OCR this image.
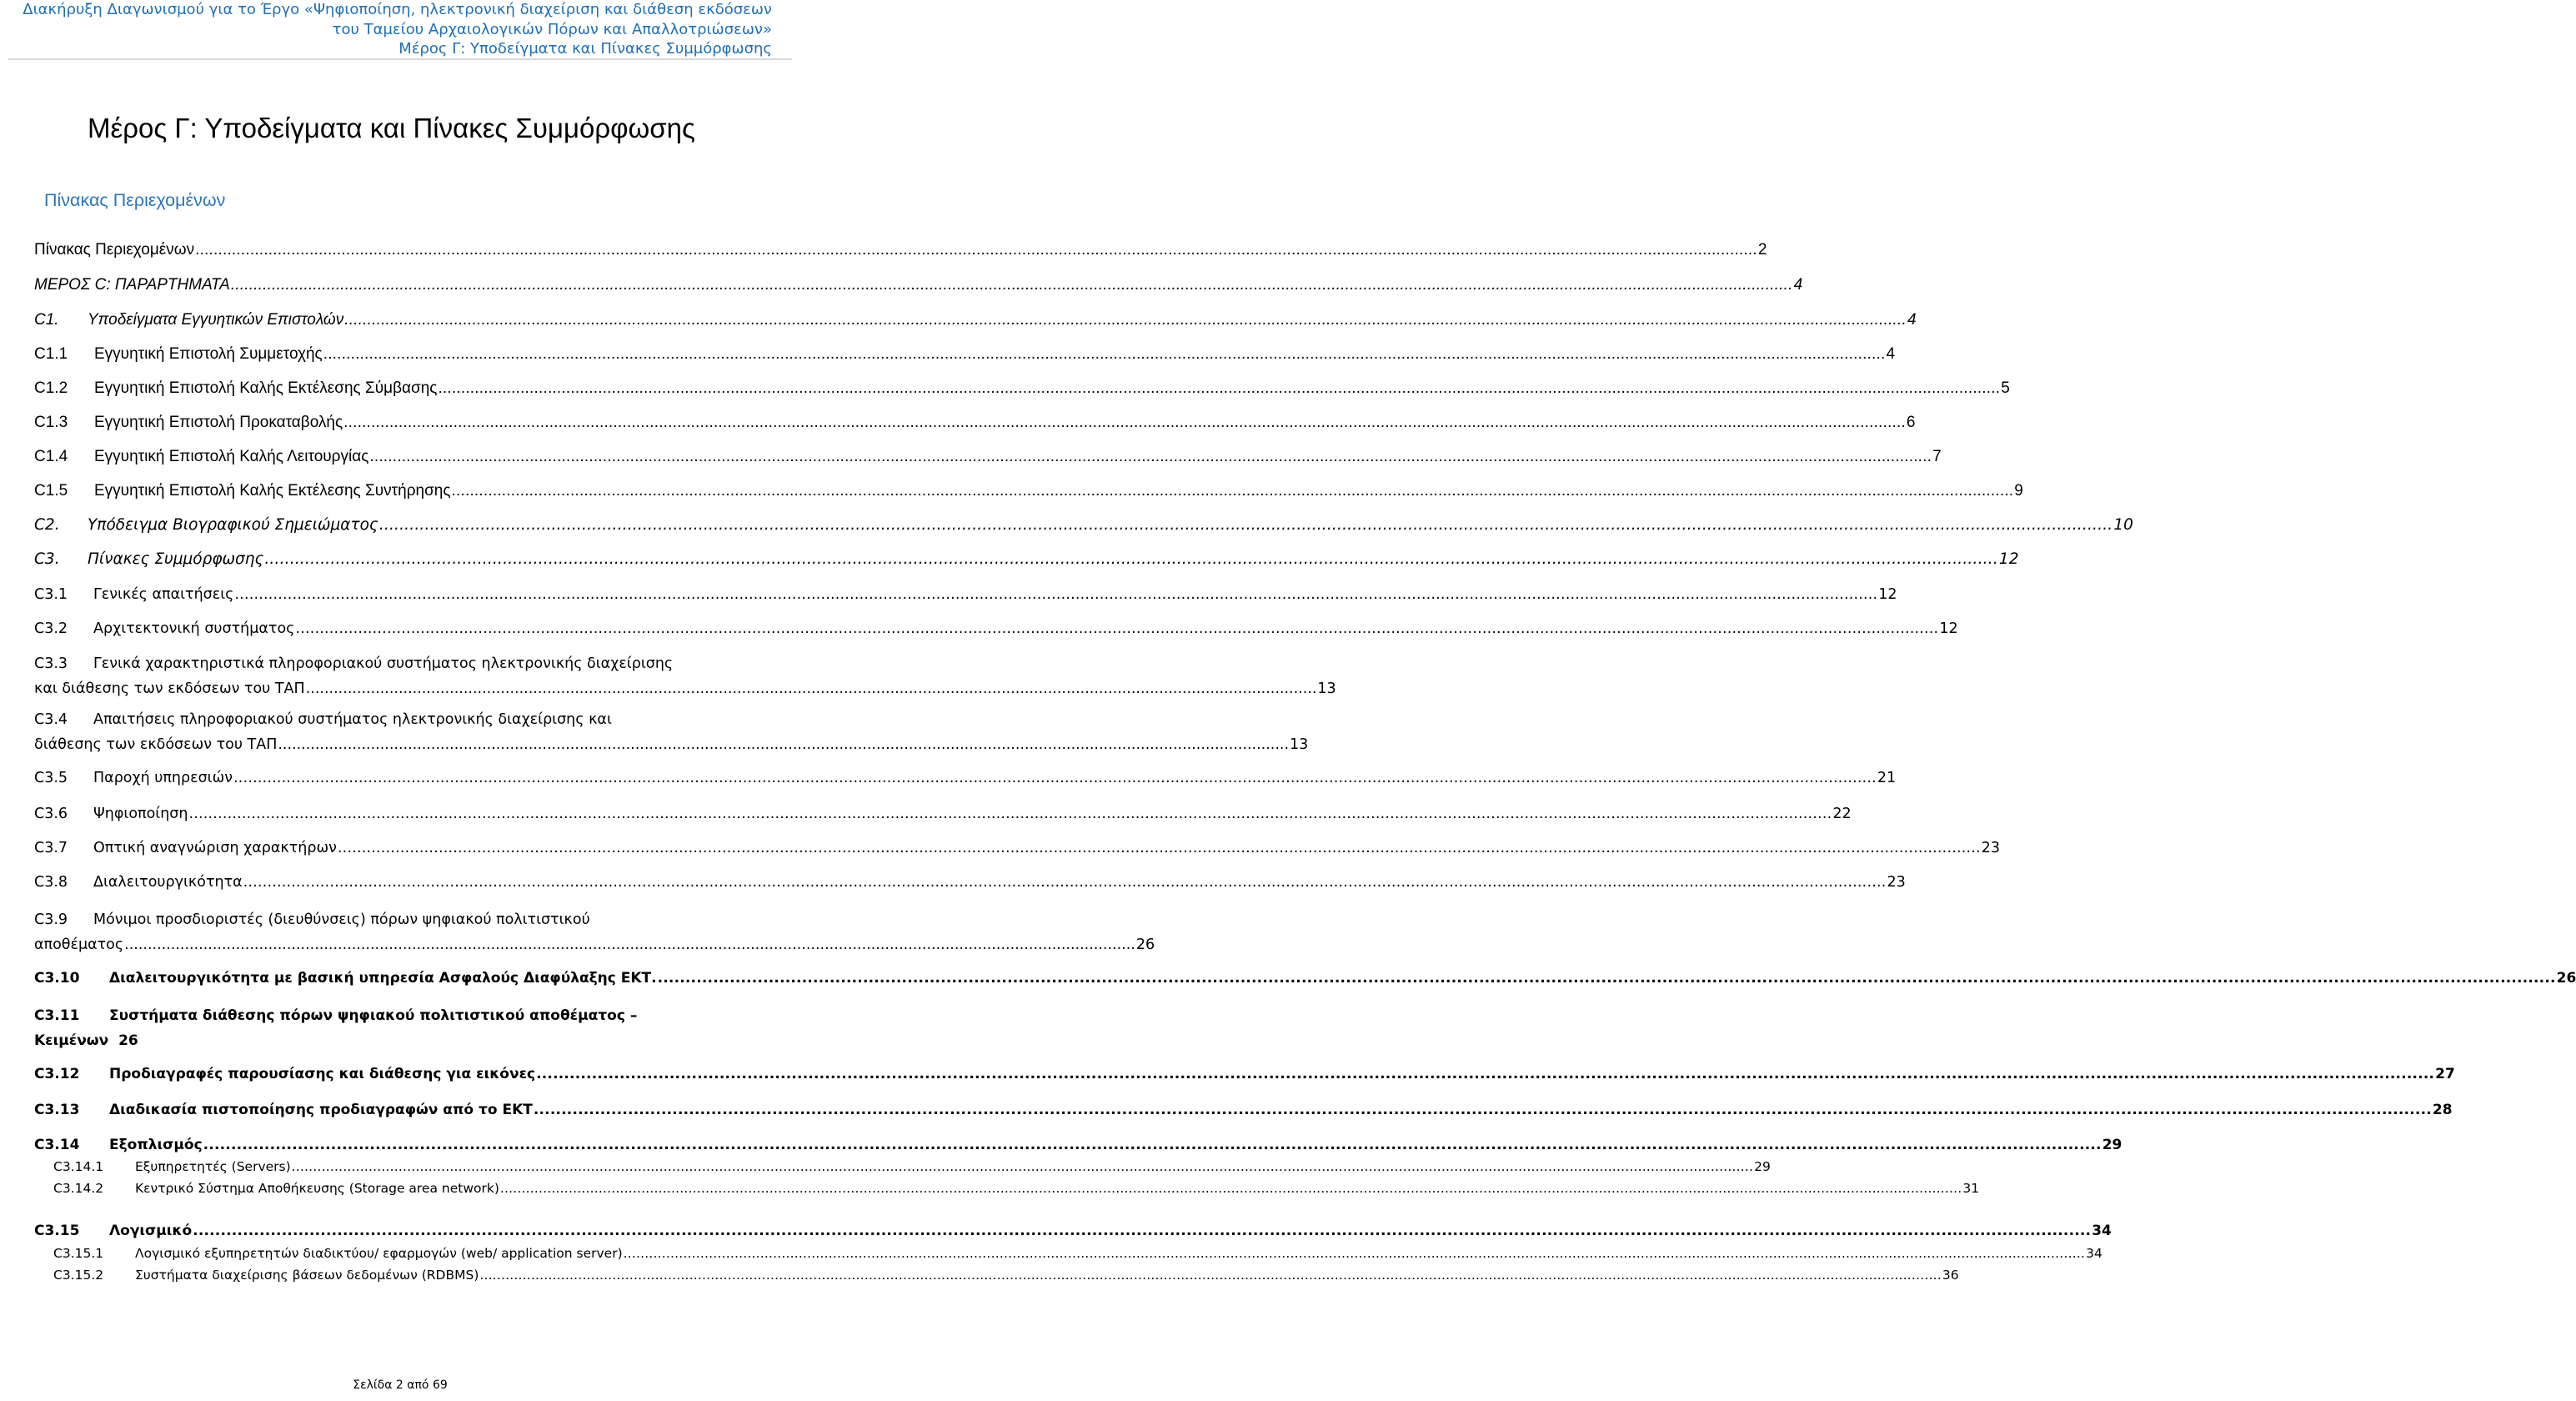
Διακήρυξη Διαγωνισμού για το Έργο «Ψηφιοποίηση, ηλεκτρονική διαχείριση και διάθεση εκδόσεων
του Ταμείου Αρχαιολογικών Πόρων και Απαλλοτριώσεων»
Μέρος Γ: Υποδείγματα και Πίνακες Συμμόρφωσης
Μέρος Γ: Υποδείγματα και Πίνακες Συμμόρφωσης
Πίνακας Περιεχομένων
Πίνακας Περιεχομένων .....	2
ΜΕΡΟΣ C: ΠΑΡΑΡΤΗΜΑΤΑ .....	4
C1.	Υποδείγματα Εγγυητικών Επιστολών .....	4
C1.1	Εγγυητική Επιστολή Συμμετοχής .....	4
C1.2	Εγγυητική Επιστολή Καλής Εκτέλεσης Σύμβασης .....	5
C1.3	Εγγυητική Επιστολή Προκαταβολής .....	6
C1.4	Εγγυητική Επιστολή Καλής Λειτουργίας .....	7
C1.5	Εγγυητική Επιστολή Καλής Εκτέλεσης Συντήρησης .....	9
C2.	Υπόδειγμα Βιογραφικού Σημειώματος .....	10
C3.	Πίνακες Συμμόρφωσης .....	12
C3.1	Γενικές απαιτήσεις .....	12
C3.2	Αρχιτεκτονική συστήματος .....	12
C3.3 Γενικά χαρακτηριστικά πληροφοριακού συστήματος ηλεκτρονικής διαχείρισης
και διάθεσης των εκδόσεων του ΤΑΠ .......................................................................................................................................................................................................................... 13
C3.4 Απαιτήσεις πληροφοριακού συστήματος ηλεκτρονικής διαχείρισης και
διάθεσης των εκδόσεων του ΤΑΠ .......................................................................................................................................................................................................................... 13
C3.5	Παροχή υπηρεσιών .....	21
C3.6	Ψηφιοποίηση .....	22
C3.7	Οπτική αναγνώριση χαρακτήρων .....	23
C3.8	Διαλειτουργικότητα .....	23
C3.9 Μόνιμοι προσδιοριστές (διευθύνσεις) πόρων ψηφιακού πολιτιστικού
αποθέματος .......................................................................................................................................................................................................................... 26
C3.10	Διαλειτουργικότητα με βασική υπηρεσία Ασφαλούς Διαφύλαξης ΕΚΤ. .....	26
C3.11 Συστήματα διάθεσης πόρων ψηφιακού πολιτιστικού αποθέματος –
Κειμένων 26
C3.12	Προδιαγραφές παρουσίασης και διάθεσης για εικόνες .....	27
C3.13	Διαδικασία πιστοποίησης προδιαγραφών από το ΕΚΤ .....	28
C3.14	Εξοπλισμός .....	29
C3.14.1	Εξυπηρετητές (Servers) .....	29
C3.14.2	Κεντρικό Σύστημα Αποθήκευσης (Storage area network) .....	31
C3.15	Λογισμικό .....	34
C3.15.1	Λογισμικό εξυπηρετητών διαδικτύου/ εφαρμογών (web/ application server) .....	34
C3.15.2	Συστήματα διαχείρισης βάσεων δεδομένων (RDBMS) .....	36
Σελίδα 2 από 69
